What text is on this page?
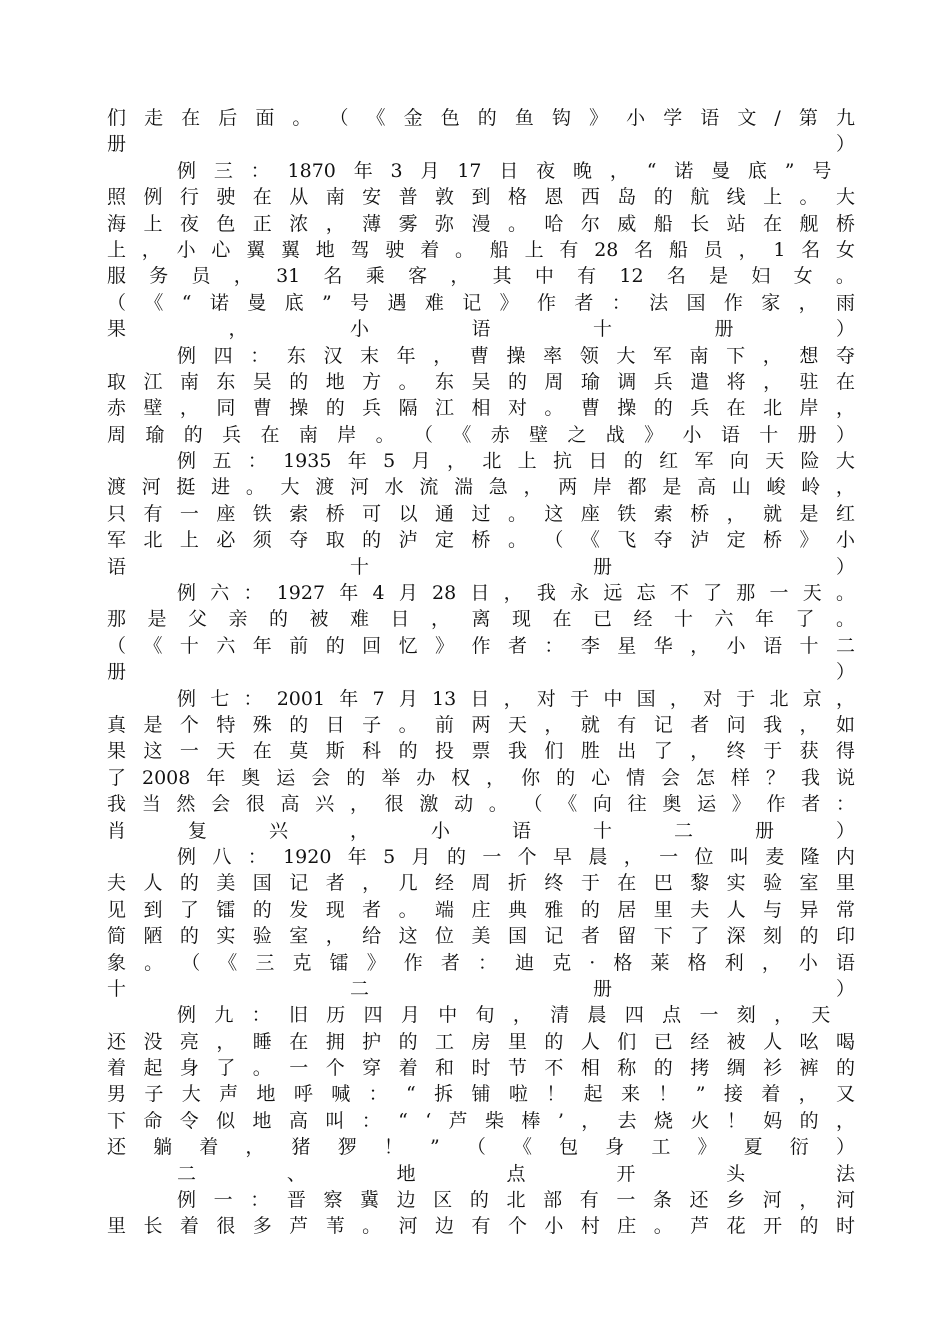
们 走 在 后 面 。 （ 《 金 色 的 鱼 钩 》 小 学 语 文 / 第 九
册 ）
例 三 ： 1870 年 3 月 17 日 夜 晚 ， “ 诺 曼 底 ” 号
照 例 行 驶 在 从 南 安 普 敦 到 格 恩 西 岛 的 航 线 上 。 大
海 上 夜 色 正 浓 ， 薄 雾 弥 漫 。 哈 尔 威 船 长 站 在 舰 桥
上 ， 小 心 翼 翼 地 驾 驶 着 。 船 上 有 28 名 船 员 ， 1 名 女
服 务 员 ， 31 名 乘 客 ， 其 中 有 12 名 是 妇 女 。
（ 《 “ 诺 曼 底 ” 号 遇 难 记 》 作 者 ： 法 国 作 家 ， 雨
果 ， 小 语 十 册 ）
例 四 ： 东 汉 末 年 ， 曹 操 率 领 大 军 南 下 ， 想 夺
取 江 南 东 吴 的 地 方 。 东 吴 的 周 瑜 调 兵 遣 将 ， 驻 在
赤 壁 ， 同 曹 操 的 兵 隔 江 相 对 。 曹 操 的 兵 在 北 岸 ，
周 瑜 的 兵 在 南 岸 。 （ 《 赤 壁 之 战 》 小 语 十 册 ）
例 五 ： 1935 年 5 月 ， 北 上 抗 日 的 红 军 向 天 险 大
渡 河 挺 进 。 大 渡 河 水 流 湍 急 ， 两 岸 都 是 高 山 峻 岭 ，
只 有 一 座 铁 索 桥 可 以 通 过 。 这 座 铁 索 桥 ， 就 是 红
军 北 上 必 须 夺 取 的 泸 定 桥 。 （ 《 飞 夺 泸 定 桥 》 小
语 十 册 ）
例 六 ： 1927 年 4 月 28 日 ， 我 永 远 忘 不 了 那 一 天 。
那 是 父 亲 的 被 难 日 ， 离 现 在 已 经 十 六 年 了 。
（ 《 十 六 年 前 的 回 忆 》 作 者 ： 李 星 华 ， 小 语 十 二
册 ）
例 七 ： 2001 年 7 月 13 日 ， 对 于 中 国 ， 对 于 北 京 ，
真 是 个 特 殊 的 日 子 。 前 两 天 ， 就 有 记 者 问 我 ， 如
果 这 一 天 在 莫 斯 科 的 投 票 我 们 胜 出 了 ， 终 于 获 得
了 2008 年 奥 运 会 的 举 办 权 ， 你 的 心 情 会 怎 样 ？ 我 说
我 当 然 会 很 高 兴 ， 很 激 动 。 （ 《 向 往 奥 运 》 作 者 ：
肖 复 兴 ， 小 语 十 二 册 ）
例 八 ： 1920 年 5 月 的 一 个 早 晨 ， 一 位 叫 麦 隆 内
夫 人 的 美 国 记 者 ， 几 经 周 折 终 于 在 巴 黎 实 验 室 里
见 到 了 镭 的 发 现 者 。 端 庄 典 雅 的 居 里 夫 人 与 异 常
简 陋 的 实 验 室 ， 给 这 位 美 国 记 者 留 下 了 深 刻 的 印
象 。 （ 《 三 克 镭 》 作 者 ： 迪 克 · 格 莱 格 利 ， 小 语
十 二 册 ）
例 九 ： 旧 历 四 月 中 旬 ， 清 晨 四 点 一 刻 ， 天
还 没 亮 ， 睡 在 拥 护 的 工 房 里 的 人 们 已 经 被 人 吆 喝
着 起 身 了 。 一 个 穿 着 和 时 节 不 相 称 的 拷 绸 衫 裤 的
男 子 大 声 地 呼 喊 ： “ 拆 铺 啦 ！ 起 来 ！ ” 接 着 ， 又
下 命 令 似 地 高 叫 ： “ ‘ 芦 柴 棒 ’ ， 去 烧 火 ！ 妈 的 ，
还 躺 着 ， 猪 猡 ！ ” （ 《 包 身 工 》 夏 衍 ）
二 、 地 点 开 头 法
例 一 ： 晋 察 冀 边 区 的 北 部 有 一 条 还 乡 河 ， 河
里 长 着 很 多 芦 苇 。 河 边 有 个 小 村 庄 。 芦 花 开 的 时
